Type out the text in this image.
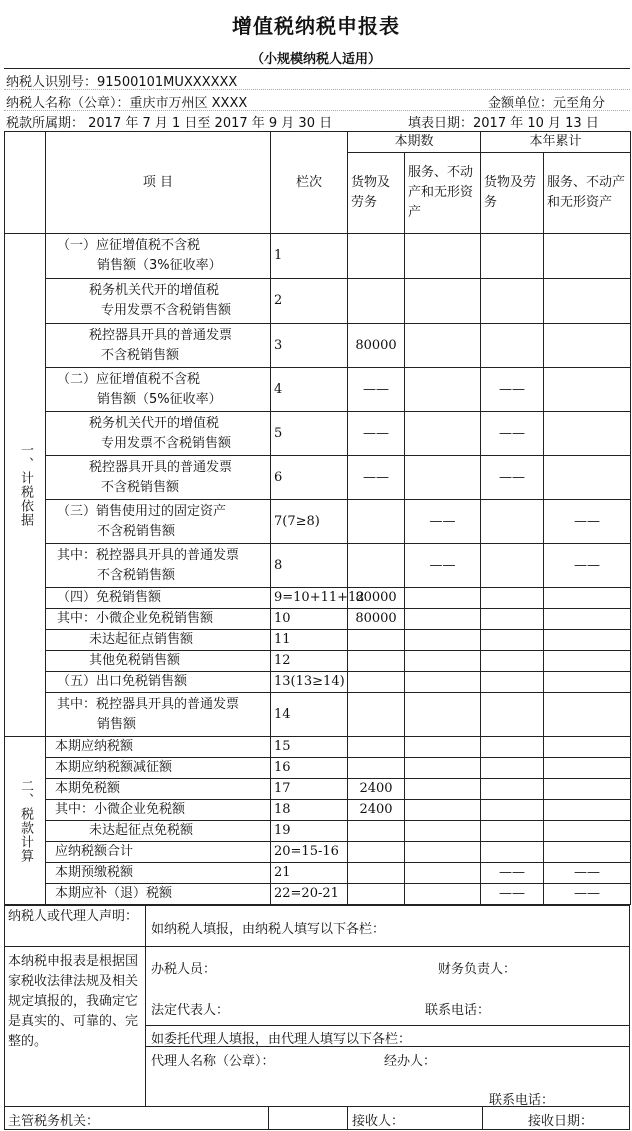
增值税纳税申报表
（小规模纳税人适用）
纳税人识别号：91500101MUXXXXXX
纳税人名称（公章）：重庆市万州区 XXXX	金额单位：元至角分
税款所属期： 2017 年 7 月 1 日至 2017 年 9 月 30 日	填表日期：2017 年 10 月 13 日
	项 目	栏次	本期数		本年累计	
			货物及劳务	服务、不动产和无形资产	货物及劳务	服务、不动产和无形资产

一、计税依据	（一）应征增值税不含税
销售额（3%征收率）	1				

	税务机关代开的增值税
专用发票不含税销售额	2				

	税控器具开具的普通发票
不含税销售额	3	80000			

	（二）应征增值税不含税
销售额（5%征收率）	4	——		——	

	税务机关代开的增值税
专用发票不含税销售额	5	——		——	

	税控器具开具的普通发票
不含税销售额	6	——		——	

	（三）销售使用过的固定资产
不含税销售额	7(7≥8)		——		——

	其中：税控器具开具的普通发票
不含税销售额	8		——		——

	（四）免税销售额	9=10+11+12	80000			

	其中：小微企业免税销售额	10	80000			

	未达起征点销售额	11				

	其他免税销售额	12				

	（五）出口免税销售额	13(13≥14)				

	其中：税控器具开具的普通发票
销售额	14				

二、税款计算	本期应纳税额	15				

	本期应纳税额减征额	16				

	本期免税额	17	2400			

	其中：小微企业免税额	18	2400			

	未达起征点免税额	19				

	应纳税额合计	20=15-16				

	本期预缴税额	21			——	——

	本期应补（退）税额	22=20-21			——	——
纳税人或代理人声明：
本纳税申报表是根据国家税收法律法规及相关规定填报的，我确定它是真实的、可靠的、完整的。
如纳税人填报，由纳税人填写以下各栏：
办税人员：	财务负责人：
法定代表人：	联系电话：
如委托代理人填报，由代理人填写以下各栏：
代理人名称（公章）：	经办人：
联系电话：
主管税务机关：	接收人：	接收日期：
